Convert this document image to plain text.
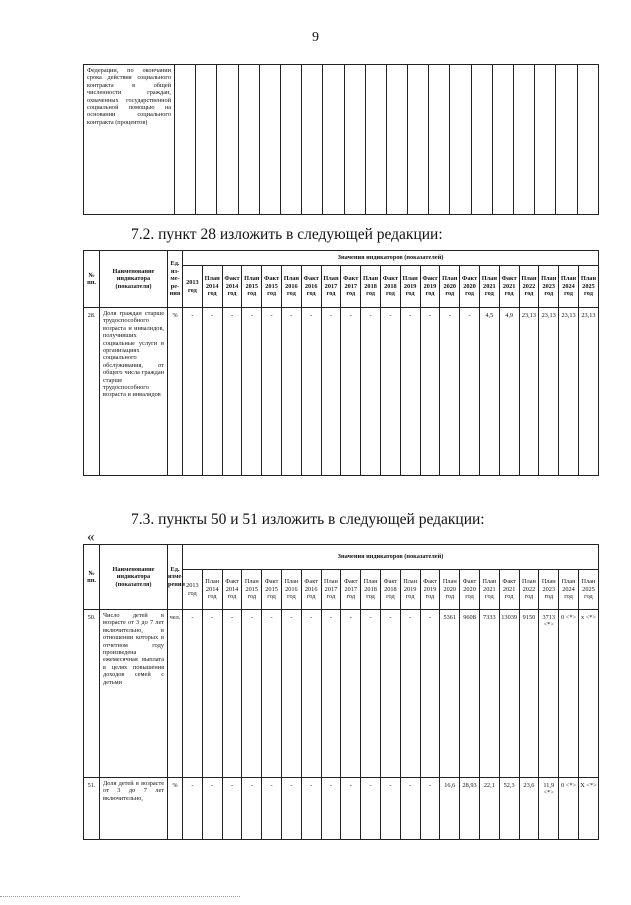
9
Федерации, по окончании срока действия социального контракта в общей численности граждан, охваченных государственной социальной помощью на основании социального контракта (процентов)																				
7.2. пункт 28 изложить в следующей редакции:
№ пп.	Наименование индикатора (показателя)	Ед. из- ме- ре- ния	Значения индикаторов (показателей)																				
			2013 год	План 2014 год	Факт 2014 год	План 2015 год	Факт 2015 год	План 2016 год	Факт 2016 год	План 2017 год	Факт 2017 год	План 2018 год	Факт 2018 год	План 2019 год	Факт 2019 год	План 2020 год	Факт 2020 год	План 2021 год	Факт 2021 год	План 2022 год	План 2023 год	План 2024 год	План 2025 год
28.	Доля граждан старше трудоспособного возраста и инвалидов, получивших социальные услуги в организациях социального обслуживания, от общего числа граждан старше трудоспособного возраста и инвалидов	%	-	-	-	-	-	-	-	-	-	-	-	-	-	-	-	4,5	4,9	23,13	23,13	23,13	23,13
7.3. пункты 50 и 51 изложить в следующей редакции:
«
№ пп.	Наименование индикатора (показателя)	Ед. изме- рения	Значения индикаторов (показателей)																				
			2013 год	План 2014 год	Факт 2014 год	План 2015 год	Факт 2015 год	План 2016 год	Факт 2016 год	План 2017 год	Факт 2017 год	План 2018 год	Факт 2018 год	План 2019 год	Факт 2019 год	План 2020 год	Факт 2020 год	План 2021 год	Факт 2021 год	План 2022 год	План 2023 год	План 2024 год	План 2025 год
50.	Число детей в возрасте от 3 до 7 лет включительно, в отношении которых в отчетном году произведена ежемесячная выплата в целях повышения доходов семей с детьми	чел.	-	-	-	-	-	-	-	-	-	-	-	-	-	5361	9608	7333	13039	9150	3713 <*>	0 <*>	х <*>
51.	Доля детей в возрасте от 3 до 7 лет включительно,	%	-	-	-	-	-	-	-	-	-	-	-	-	-	16,6	28,93	22,1	52,3	23,6	11,9 <*>	0 <*>	Х <*>
